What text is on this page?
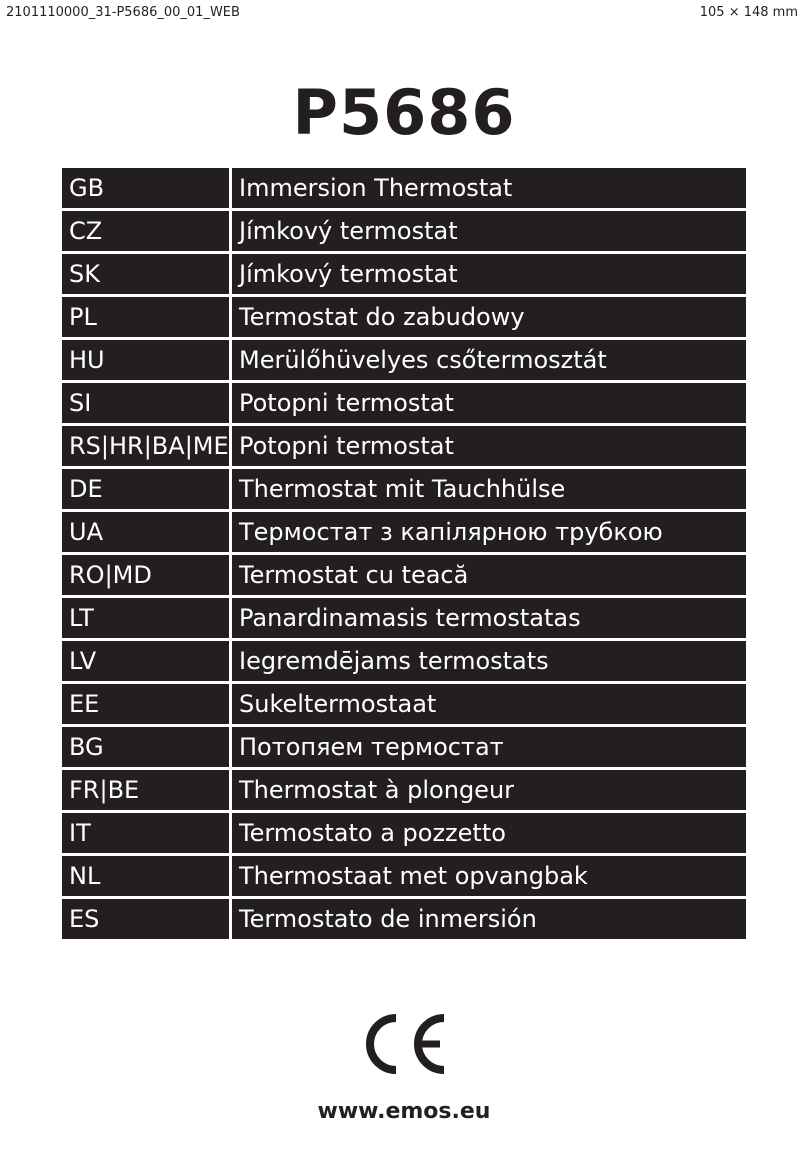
2101110000_31-P5686_00_01_WEB	105 × 148 mm
P5686
GB	Immersion Thermostat
CZ	Jímkový termostat
SK	Jímkový termostat
PL	Termostat do zabudowy
HU	Merülőhüvelyes csőtermosztát
SI	Potopni termostat
RS|HR|BA|ME	Potopni termostat
DE	Thermostat mit Tauchhülse
UA	Термостат з капілярною трубкою
RO|MD	Termostat cu teacă
LT	Panardinamasis termostatas
LV	Iegremdējams termostats
EE	Sukeltermostaat
BG	Потопяем термостат
FR|BE	Thermostat à plongeur
IT	Termostato a pozzetto
NL	Thermostaat met opvangbak
ES	Termostato de inmersión
www.emos.eu
